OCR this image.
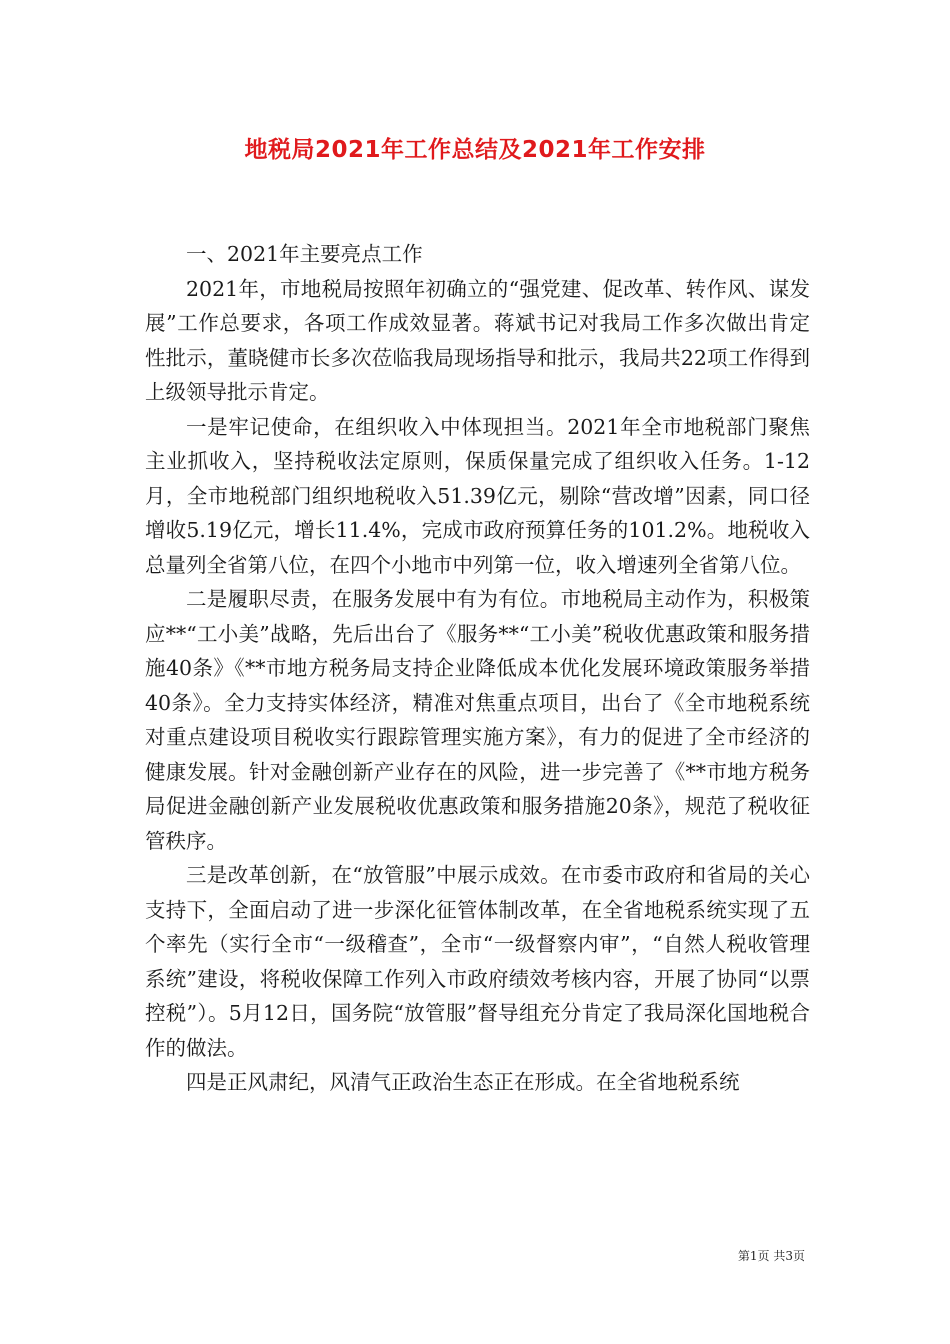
地税局2021年工作总结及2021年工作安排

一、2021年主要亮点工作

2021年，市地税局按照年初确立的“强党建、促改革、转作风、谋发展”工作总要求，各项工作成效显著。蒋斌书记对我局工作多次做出肯定性批示，董晓健市长多次莅临我局现场指导和批示，我局共22项工作得到上级领导批示肯定。

一是牢记使命，在组织收入中体现担当。2021年全市地税部门聚焦主业抓收入，坚持税收法定原则，保质保量完成了组织收入任务。1-12月，全市地税部门组织地税收入51.39亿元，剔除“营改增”因素，同口径增收5.19亿元，增长11.4%，完成市政府预算任务的101.2%。地税收入总量列全省第八位，在四个小地市中列第一位，收入增速列全省第八位。

二是履职尽责，在服务发展中有为有位。市地税局主动作为，积极策应**“工小美”战略，先后出台了《服务**“工小美”税收优惠政策和服务措施40条》《**市地方税务局支持企业降低成本优化发展环境政策服务举措40条》。全力支持实体经济，精准对焦重点项目，出台了《全市地税系统对重点建设项目税收实行跟踪管理实施方案》，有力的促进了全市经济的健康发展。针对金融创新产业存在的风险，进一步完善了《**市地方税务局促进金融创新产业发展税收优惠政策和服务措施20条》，规范了税收征管秩序。

三是改革创新，在“放管服”中展示成效。在市委市政府和省局的关心支持下，全面启动了进一步深化征管体制改革，在全省地税系统实现了五个率先（实行全市“一级稽查”，全市“一级督察内审”，“自然人税收管理系统”建设，将税收保障工作列入市政府绩效考核内容，开展了协同“以票控税”）。5月12日，国务院“放管服”督导组充分肯定了我局深化国地税合作的做法。

四是正风肃纪，风清气正政治生态正在形成。在全省地税系统

第1页 共3页
